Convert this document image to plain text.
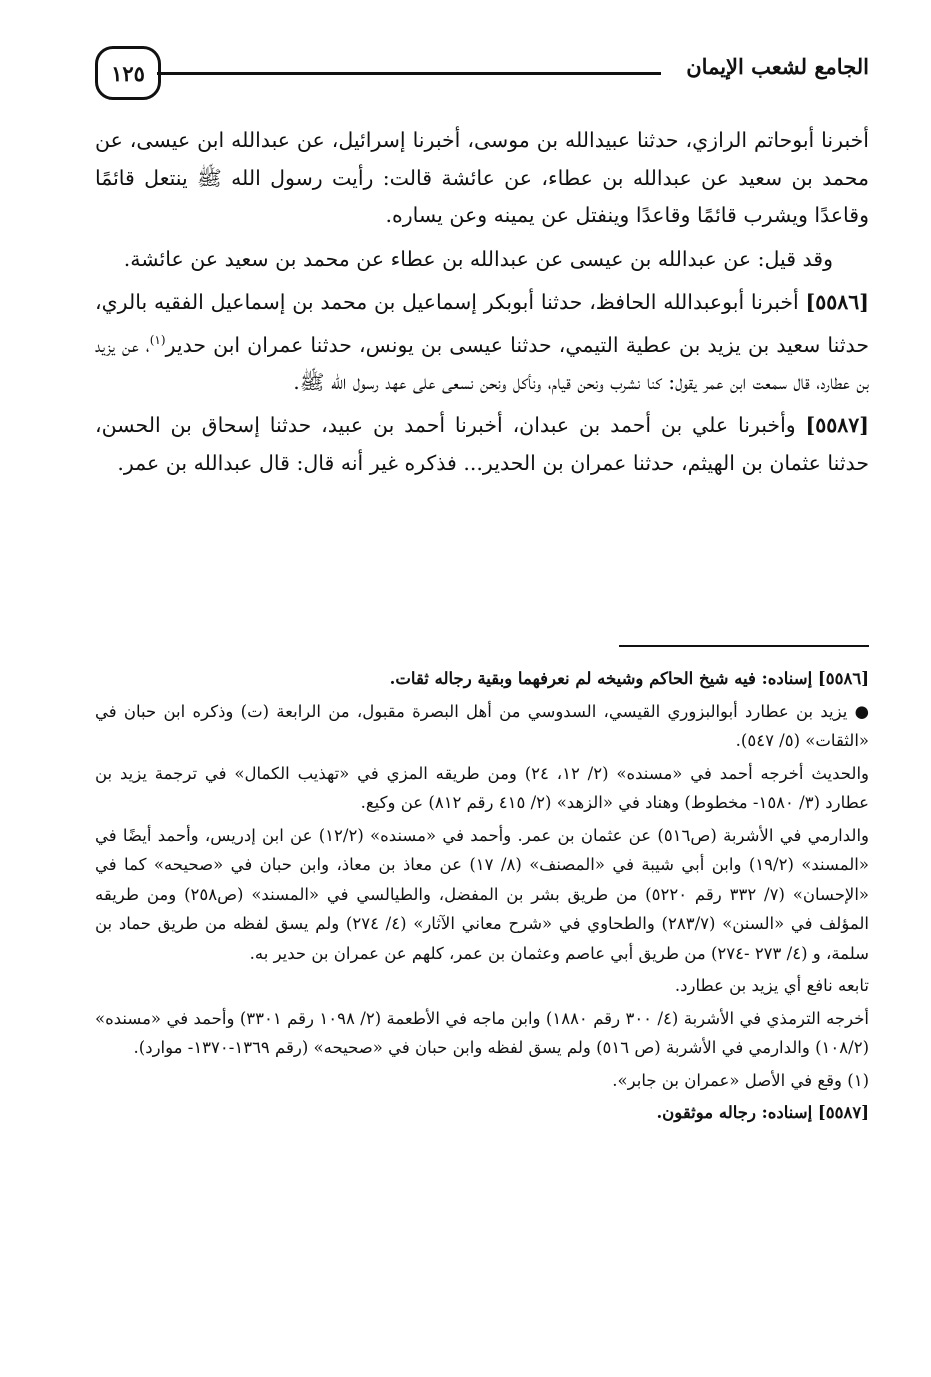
١٢٥	الجامع لشعب الإيمان

أخبرنا أبوحاتم الرازي، حدثنا عبيدالله بن موسى، أخبرنا إسرائيل، عن عبدالله ابن عيسى، عن محمد بن سعيد عن عبدالله بن عطاء، عن عائشة قالت: رأيت رسول الله ﷺ ينتعل قائمًا وقاعدًا ويشرب قائمًا وقاعدًا وينفتل عن يمينه وعن يساره.

وقد قيل: عن عبدالله بن عيسى عن عبدالله بن عطاء عن محمد بن سعيد عن عائشة.

[٥٥٨٦] أخبرنا أبوعبدالله الحافظ، حدثنا أبوبكر إسماعيل بن محمد بن إسماعيل الفقيه بالري، حدثنا سعيد بن يزيد بن عطية التيمي، حدثنا عيسى بن يونس، حدثنا عمران ابن حدير$^{(١)}$، عن يزيد بن عطارد، قال سمعت ابن عمر يقول: كنا نشرب ونحن قيام، ونأكل ونحن نسعى على عهد رسول الله ﷺ.

[٥٥٨٧] وأخبرنا علي بن أحمد بن عبدان، أخبرنا أحمد بن عبيد، حدثنا إسحاق بن الحسن، حدثنا عثمان بن الهيثم، حدثنا عمران بن الحدير... فذكره غير أنه قال: قال عبدالله بن عمر.

[٥٥٨٦] إسناده: فيه شيخ الحاكم وشيخه لم نعرفهما وبقية رجاله ثقات.

● يزيد بن عطارد أبوالبزوري القيسي، السدوسي من أهل البصرة مقبول، من الرابعة (ت) وذكره ابن حبان في «الثقات» (٥/ ٥٤٧).

والحديث أخرجه أحمد في «مسنده» (٢/ ١٢، ٢٤) ومن طريقه المزي في «تهذيب الكمال» في ترجمة يزيد بن عطارد (٣/ ١٥٨٠- مخطوط) وهناد في «الزهد» (٢/ ٤١٥ رقم ٨١٢) عن وكيع.

والدارمي في الأشربة (ص٥١٦) عن عثمان بن عمر. وأحمد في «مسنده» (١٢/٢) عن ابن إدريس، وأحمد أيضًا في «المسند» (١٩/٢) وابن أبي شيبة في «المصنف» (٨/ ١٧) عن معاذ بن معاذ، وابن حبان في «صحيحه» كما في «الإحسان» (٧/ ٣٣٢ رقم ٥٢٢٠) من طريق بشر بن المفضل، والطيالسي في «المسند» (ص٢٥٨) ومن طريقه المؤلف في «السنن» (٢٨٣/٧) والطحاوي في «شرح معاني الآثار» (٤/ ٢٧٤) ولم يسق لفظه من طريق حماد بن سلمة، و (٤/ ٢٧٣ -٢٧٤) من طريق أبي عاصم وعثمان بن عمر، كلهم عن عمران بن حدير به.

تابعه نافع أي يزيد بن عطارد.

أخرجه الترمذي في الأشربة (٤/ ٣٠٠ رقم ١٨٨٠) وابن ماجه في الأطعمة (٢/ ١٠٩٨ رقم ٣٣٠١) وأحمد في «مسنده» (١٠٨/٢) والدارمي في الأشربة (ص ٥١٦) ولم يسق لفظه وابن حبان في «صحيحه» (رقم ١٣٦٩-١٣٧٠- موارد).

(١) وقع في الأصل «عمران بن جابر».

[٥٥٨٧] إسناده: رجاله موثقون.
